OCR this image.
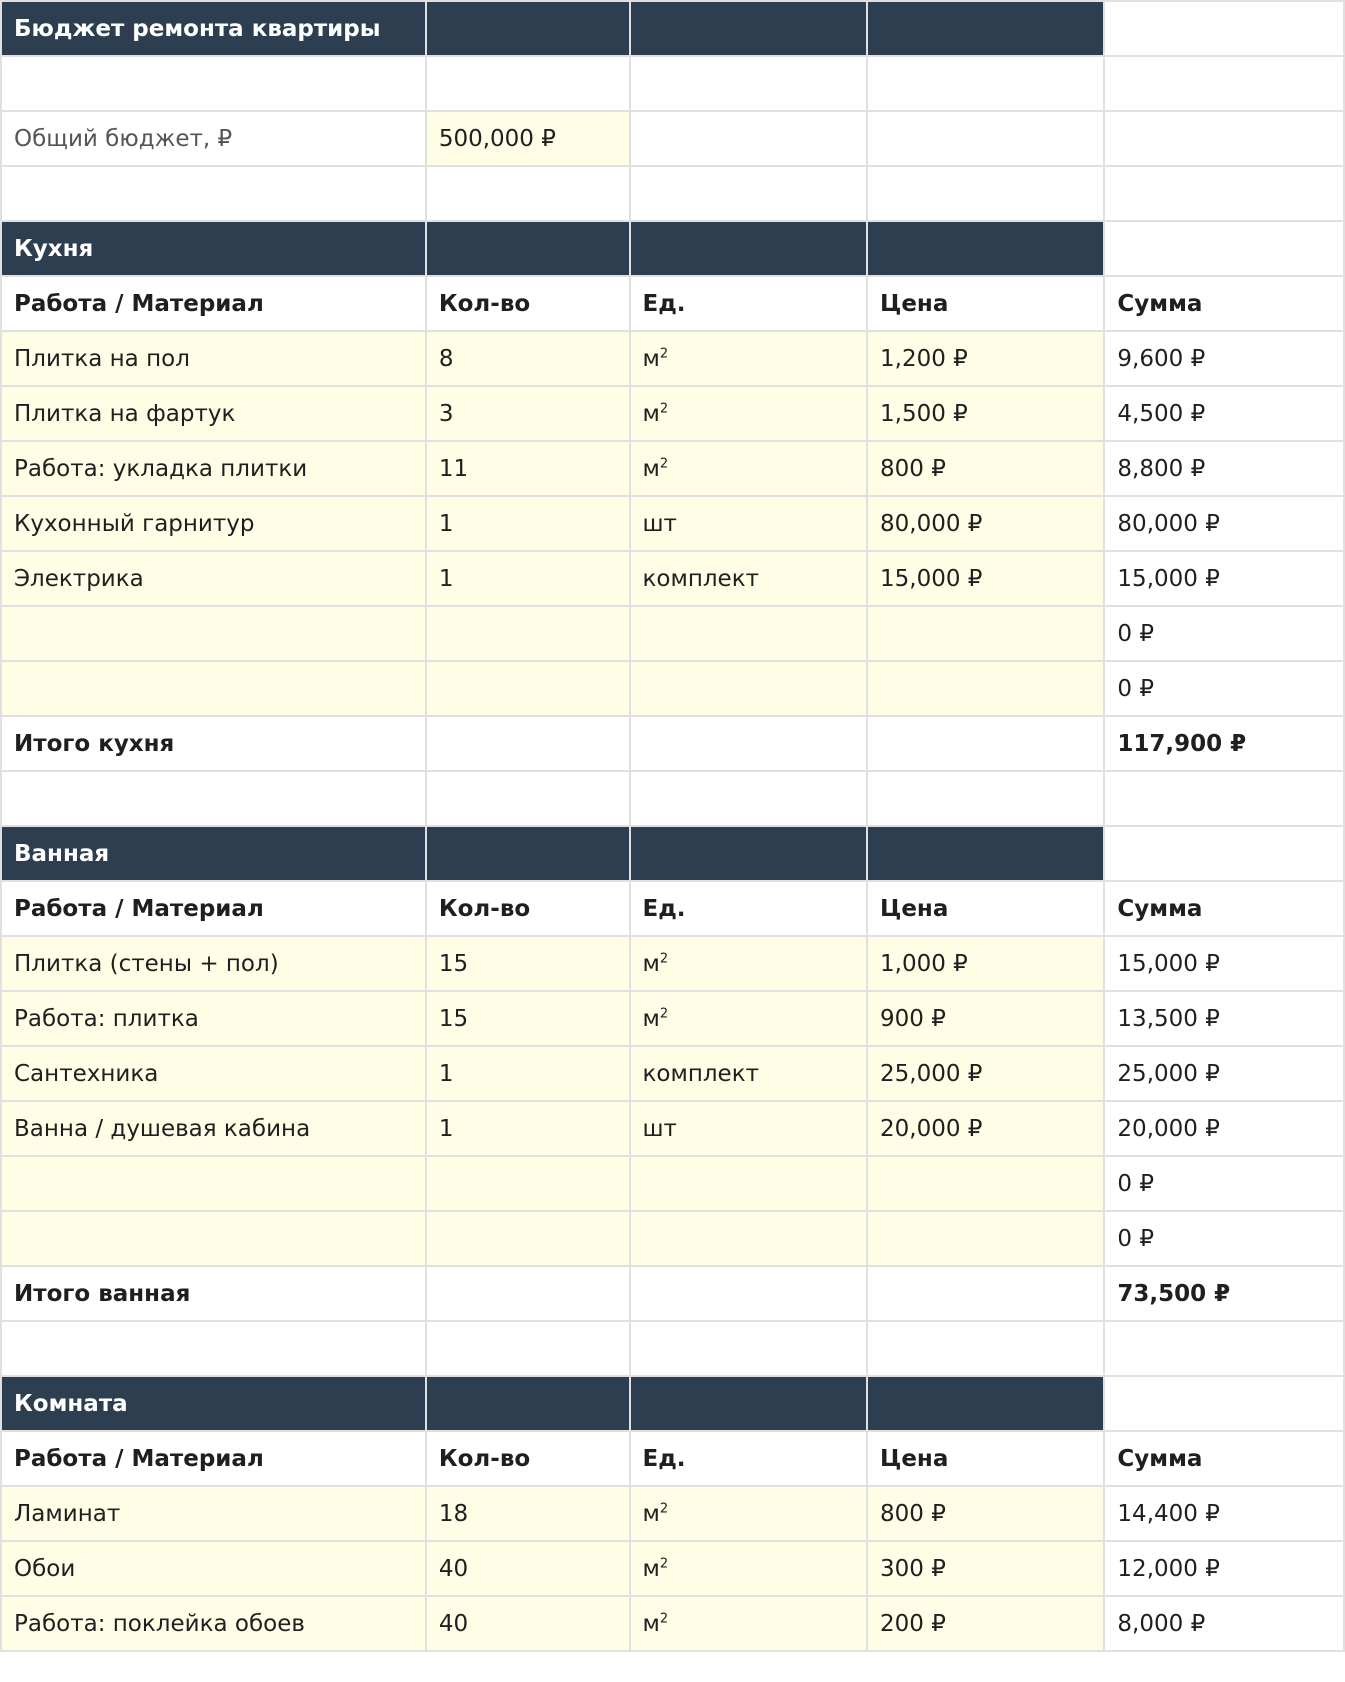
Бюджет ремонта квартиры				

Общий бюджет, ₽	500,000 ₽			

Кухня				
Работа / Материал	Кол-во	Ед.	Цена	Сумма
Плитка на пол	8	$м^2$	1,200 ₽	9,600 ₽
Плитка на фартук	3	$м^2$	1,500 ₽	4,500 ₽
Работа: укладка плитки	11	$м^2$	800 ₽	8,800 ₽
Кухонный гарнитур	1	шт	80,000 ₽	80,000 ₽
Электрика	1	комплект	15,000 ₽	15,000 ₽
				0 ₽
				0 ₽
Итого кухня				117,900 ₽

Ванная				
Работа / Материал	Кол-во	Ед.	Цена	Сумма
Плитка (стены + пол)	15	$м^2$	1,000 ₽	15,000 ₽
Работа: плитка	15	$м^2$	900 ₽	13,500 ₽
Сантехника	1	комплект	25,000 ₽	25,000 ₽
Ванна / душевая кабина	1	шт	20,000 ₽	20,000 ₽
				0 ₽
				0 ₽
Итого ванная				73,500 ₽

Комната				
Работа / Материал	Кол-во	Ед.	Цена	Сумма
Ламинат	18	$м^2$	800 ₽	14,400 ₽
Обои	40	$м^2$	300 ₽	12,000 ₽
Работа: поклейка обоев	40	$м^2$	200 ₽	8,000 ₽
